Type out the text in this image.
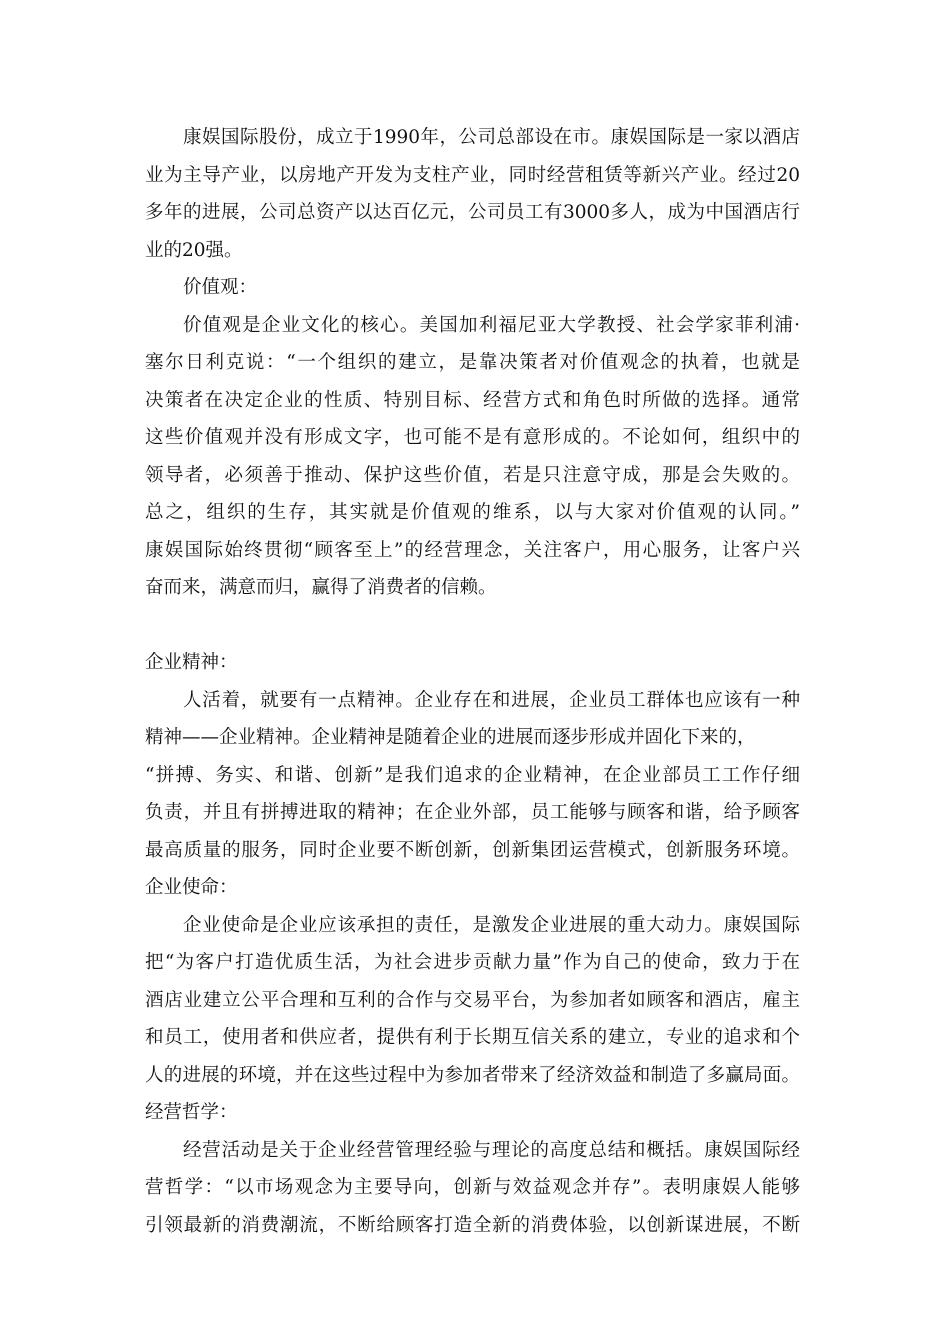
康娱国际股份，成立于1990年，公司总部设在市。康娱国际是一家以酒店
业为主导产业，以房地产开发为支柱产业，同时经营租赁等新兴产业。经过20
多年的进展，公司总资产以达百亿元，公司员工有3000多人，成为中国酒店行
业的20强。
价值观：
价值观是企业文化的核心。美国加利福尼亚大学教授、社会学家菲利浦·
塞尔日利克说：“一个组织的建立，是靠决策者对价值观念的执着，也就是
决策者在决定企业的性质、特别目标、经营方式和角色时所做的选择。通常
这些价值观并没有形成文字，也可能不是有意形成的。不论如何，组织中的
领导者，必须善于推动、保护这些价值，若是只注意守成，那是会失败的。
总之，组织的生存，其实就是价值观的维系，以与大家对价值观的认同。”
康娱国际始终贯彻“顾客至上”的经营理念，关注客户，用心服务，让客户兴
奋而来，满意而归，赢得了消费者的信赖。
企业精神：
人活着，就要有一点精神。企业存在和进展，企业员工群体也应该有一种
精神——企业精神。企业精神是随着企业的进展而逐步形成并固化下来的，
“拼搏、务实、和谐、创新”是我们追求的企业精神，在企业部员工工作仔细
负责，并且有拼搏进取的精神；在企业外部，员工能够与顾客和谐，给予顾客
最高质量的服务，同时企业要不断创新，创新集团运营模式，创新服务环境。
企业使命：
企业使命是企业应该承担的责任，是激发企业进展的重大动力。康娱国际
把“为客户打造优质生活，为社会进步贡献力量”作为自己的使命，致力于在
酒店业建立公平合理和互利的合作与交易平台，为参加者如顾客和酒店，雇主
和员工，使用者和供应者，提供有利于长期互信关系的建立，专业的追求和个
人的进展的环境，并在这些过程中为参加者带来了经济效益和制造了多赢局面。
经营哲学：
经营活动是关于企业经营管理经验与理论的高度总结和概括。康娱国际经
营哲学：“以市场观念为主要导向，创新与效益观念并存”。表明康娱人能够
引领最新的消费潮流，不断给顾客打造全新的消费体验，以创新谋进展，不断
